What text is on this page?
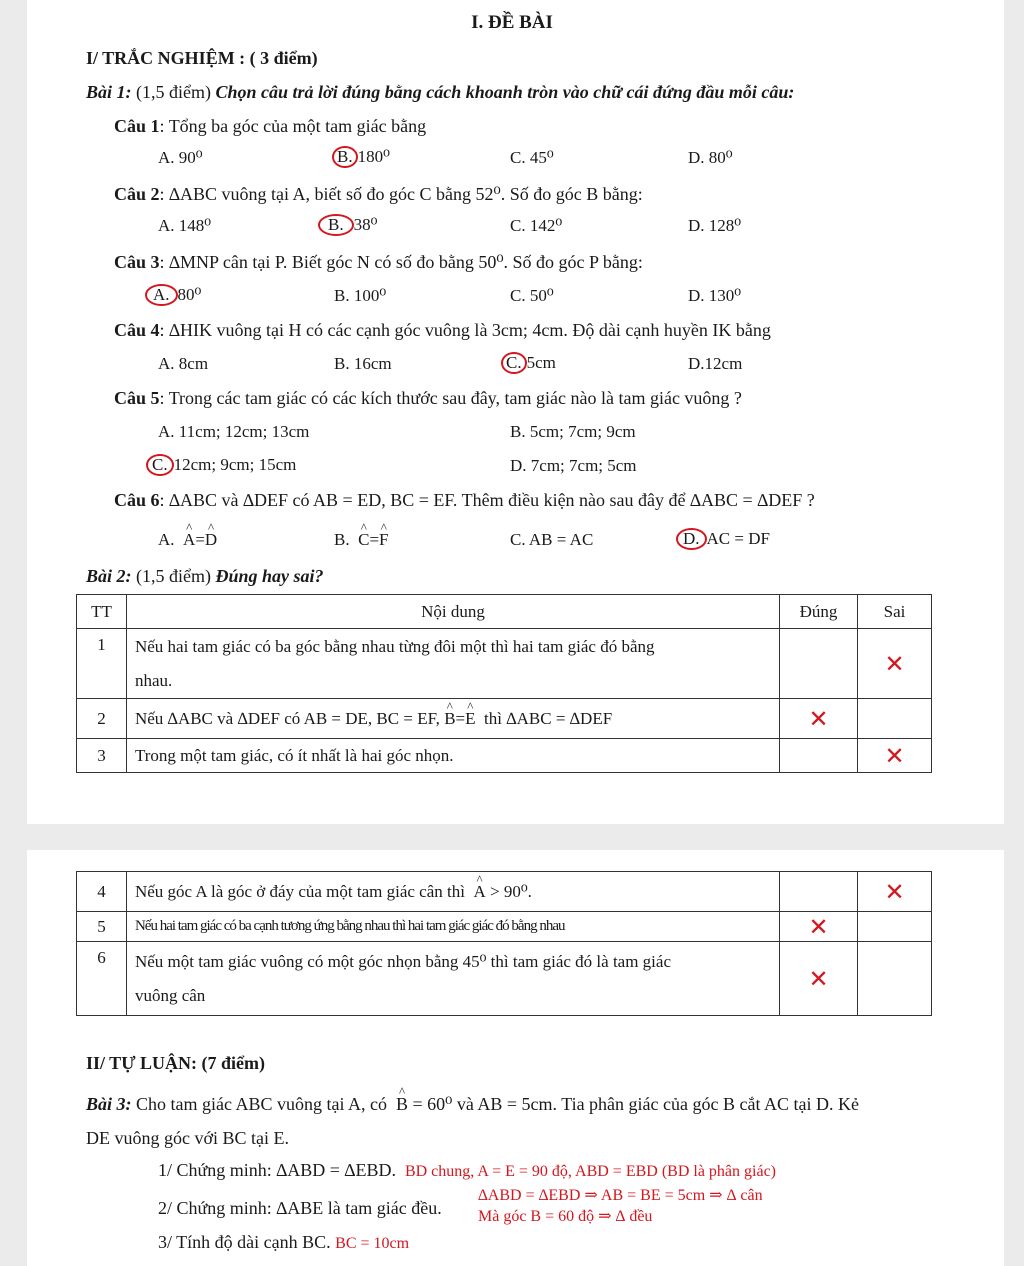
I. ĐỀ BÀI
I/ TRẮC NGHIỆM : ( 3 điểm)
Bài 1: (1,5 điểm) Chọn câu trả lời đúng bằng cách khoanh tròn vào chữ cái đứng đầu mỗi câu:
Câu 1: Tổng ba góc của một tam giác bằng
A. 90⁰	B. 180⁰	C. 45⁰	D. 80⁰
Câu 2: ∆ABC vuông tại A, biết số đo góc C bằng 52⁰. Số đo góc B bằng:
A. 148⁰	B. 38⁰	C. 142⁰	D. 128⁰
Câu 3: ∆MNP cân tại P. Biết góc N có số đo bằng 50⁰. Số đo góc P bằng:
A. 80⁰	B. 100⁰	C. 50⁰	D. 130⁰
Câu 4: ∆HIK vuông tại H có các cạnh góc vuông là 3cm; 4cm. Độ dài cạnh huyền IK bằng
A. 8cm	B. 16cm	C. 5cm	D.12cm
Câu 5: Trong các tam giác có các kích thước sau đây, tam giác nào là tam giác vuông ?
A. 11cm; 12cm; 13cm	B. 5cm; 7cm; 9cm
C. 12cm; 9cm; 15cm	D. 7cm; 7cm; 5cm
Câu 6: ∆ABC và ∆DEF có AB = ED, BC = EF. Thêm điều kiện nào sau đây để ∆ABC = ∆DEF ?
A. ^ A=^ D	B. ^ C=^ F	C. AB = AC	D. AC = DF
Bài 2: (1,5 điểm) Đúng hay sai?
TT	Nội dung	Đúng	Sai
1	Nếu hai tam giác có ba góc bằng nhau từng đôi một thì hai tam giác đó bằng
nhau.		✕
2	Nếu ∆ABC và ∆DEF có AB = DE, BC = EF, ^ B=^ E thì ∆ABC = ∆DEF	✕	
3	Trong một tam giác, có ít nhất là hai góc nhọn.		✕
4	Nếu góc A là góc ở đáy của một tam giác cân thì ^ A > 90⁰.		✕
5	Nếu hai tam giác có ba cạnh tương ứng bằng nhau thì hai tam giác giác đó bằng nhau	✕	
6	Nếu một tam giác vuông có một góc nhọn bằng 45⁰ thì tam giác đó là tam giác
vuông cân	✕	
II/ TỰ LUẬN: (7 điểm)
Bài 3: Cho tam giác ABC vuông tại A, có ^ B = 60⁰ và AB = 5cm. Tia phân giác của góc B cắt AC tại D. Kẻ
DE vuông góc với BC tại E.
1/ Chứng minh: ∆ABD = ∆EBD. BD chung, A = E = 90 độ, ABD = EBD (BD là phân giác)
2/ Chứng minh: ∆ABE là tam giác đều.
∆ABD = ∆EBD ⇒ AB = BE = 5cm ⇒ ∆ cân
Mà góc B = 60 độ ⇒ ∆ đều
3/ Tính độ dài cạnh BC. BC = 10cm
